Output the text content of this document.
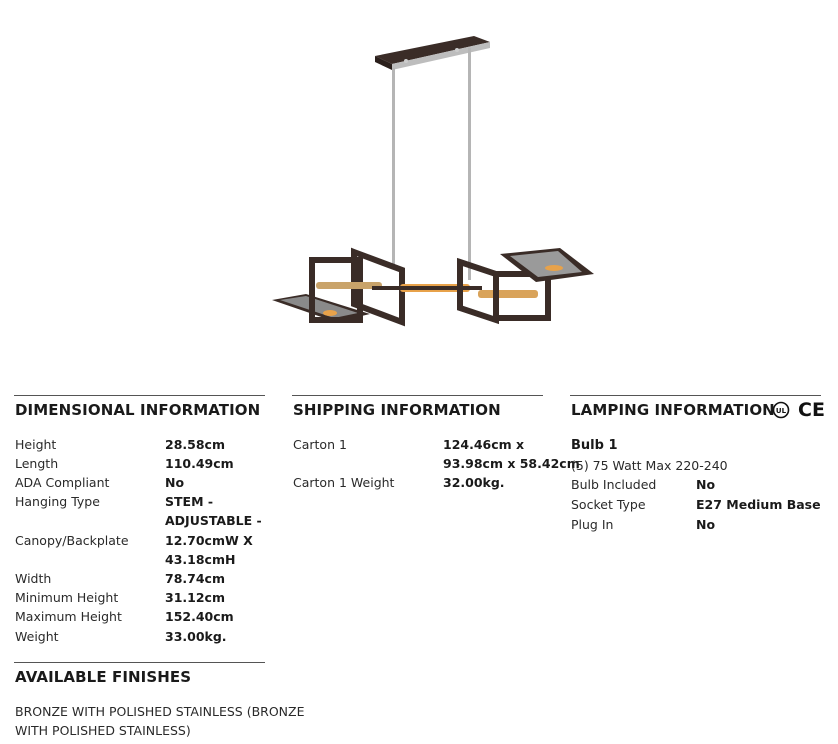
DIMENSIONAL INFORMATION
Height	28.58cm
Length	110.49cm
ADA Compliant	No
Hanging Type	STEM -
ADJUSTABLE -
Canopy/Backplate	12.70cmW X
43.18cmH
Width	78.74cm
Minimum Height	31.12cm
Maximum Height	152.40cm
Weight	33.00kg.
SHIPPING INFORMATION
Carton 1	124.46cm x
93.98cm x 58.42cm
Carton 1 Weight	32.00kg.
LAMPING INFORMATION UL CE
Bulb 1
(5) 75 Watt Max 220-240
Bulb Included	No
Socket Type	E27 Medium Base
Plug In	No
AVAILABLE FINISHES
BRONZE WITH POLISHED STAINLESS (BRONZE
WITH POLISHED STAINLESS)
